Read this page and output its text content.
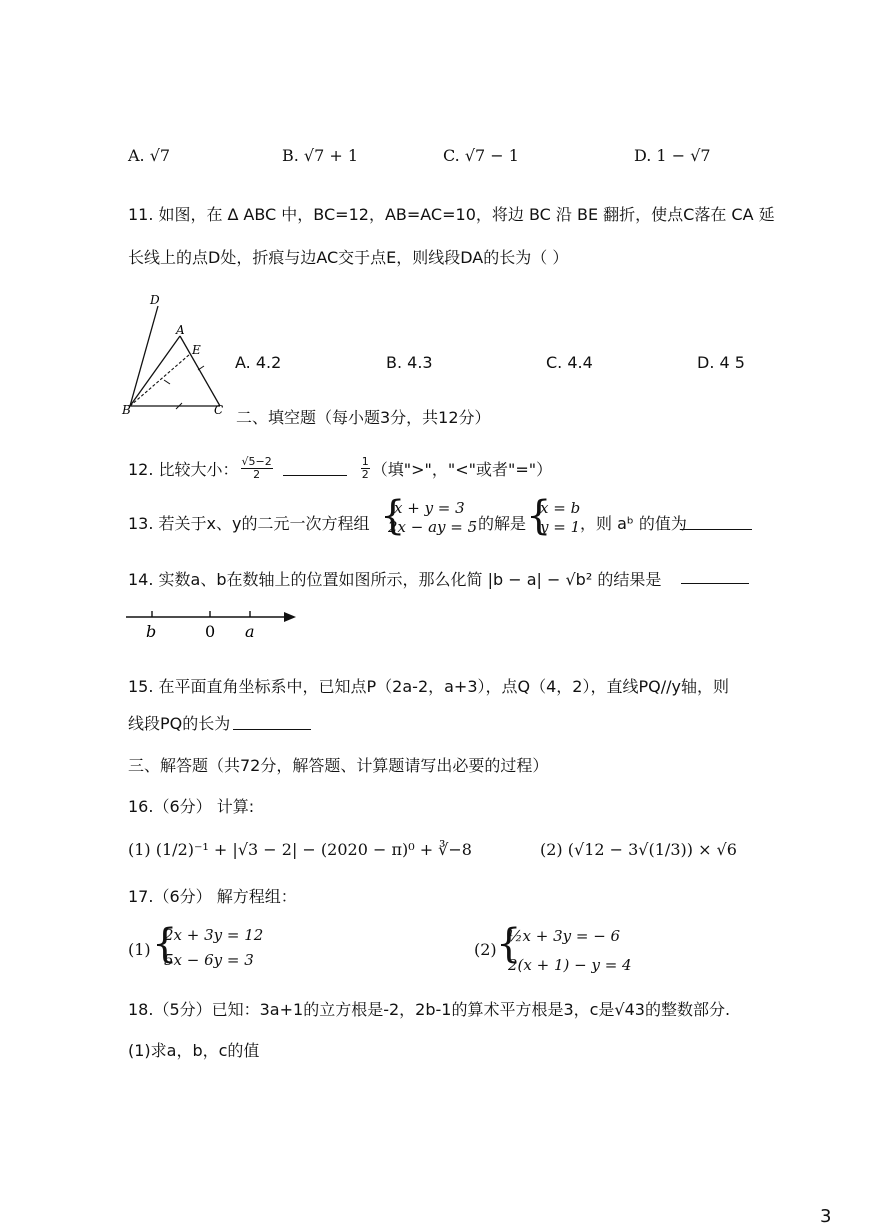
A. √7	B. √7 + 1	C. √7 − 1	D. 1 − √7
11. 如图，在 ∆ ABC 中，BC=12，AB=AC=10，将边 BC 沿 BE 翻折，使点C落在 CA 延
长线上的点D处，折痕与边AC交于点E，则线段DA的长为（ ）
D
A
E
B	C
A. 4.2	B. 4.3	C. 4.4	D. 4 5
二、填空题（每小题3分，共12分）
12. 比较大小： $\frac{√5-2}{2}$	$\frac{1}{2}$ （填">"，"<"或者"="）
13. 若关于x、y的二元一次方程组 {
x + y = 3
2x − ay = 5 的解是 {
x = b
y = 1 ，则 aᵇ 的值为
14. 实数a、b在数轴上的位置如图所示，那么化简 |b − a| − √b² 的结果是
b	0 a
15. 在平面直角坐标系中，已知点P（2a-2，a+3），点Q（4，2），直线PQ//y轴，则
线段PQ的长为
三、解答题（共72分，解答题、计算题请写出必要的过程）
16.（6分） 计算:
(1) (1/2)⁻¹ + |√3 − 2| − (2020 − π)⁰ + ∛−8	(2) (√12 − 3√(1/3)) × √6
17.（6分） 解方程组：
(1) {
2x + 3y = 12
5x − 6y = 3
(2) {
½x + 3y = − 6
2(x + 1) − y = 4
18.（5分）已知：3a+1的立方根是-2，2b-1的算术平方根是3，c是√43的整数部分.
(1)求a，b，c的值
3
